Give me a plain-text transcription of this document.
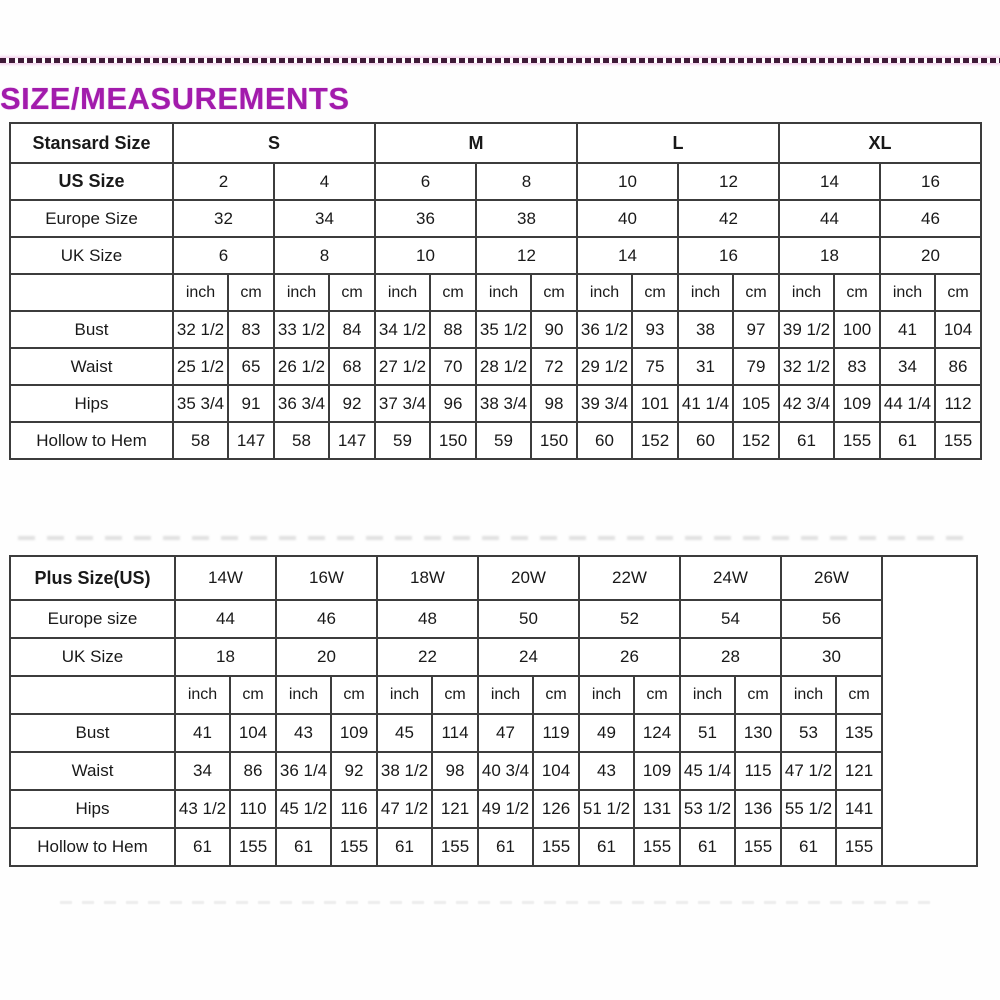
SIZE/MEASUREMENTS
Stansard Size	S				M				L				XL			
US Size	2		4		6		8		10		12		14		16	
Europe Size	32		34		36		38		40		42		44		46	
UK Size	6		8		10		12		14		16		18		20	
	inch	cm	inch	cm	inch	cm	inch	cm	inch	cm	inch	cm	inch	cm	inch	cm
Bust	32 1/2	83	33 1/2	84	34 1/2	88	35 1/2	90	36 1/2	93	38	97	39 1/2	100	41	104
Waist	25 1/2	65	26 1/2	68	27 1/2	70	28 1/2	72	29 1/2	75	31	79	32 1/2	83	34	86
Hips	35 3/4	91	36 3/4	92	37 3/4	96	38 3/4	98	39 3/4	101	41 1/4	105	42 3/4	109	44 1/4	112
Hollow to Hem	58	147	58	147	59	150	59	150	60	152	60	152	61	155	61	155
Plus Size(US)	14W		16W		18W		20W		22W		24W		26W		
Europe size	44		46		48		50		52		54		56		
UK Size	18		20		22		24		26		28		30		
	inch	cm	inch	cm	inch	cm	inch	cm	inch	cm	inch	cm	inch	cm	
Bust	41	104	43	109	45	114	47	119	49	124	51	130	53	135	
Waist	34	86	36 1/4	92	38 1/2	98	40 3/4	104	43	109	45 1/4	115	47 1/2	121	
Hips	43 1/2	110	45 1/2	116	47 1/2	121	49 1/2	126	51 1/2	131	53 1/2	136	55 1/2	141	
Hollow to Hem	61	155	61	155	61	155	61	155	61	155	61	155	61	155	
